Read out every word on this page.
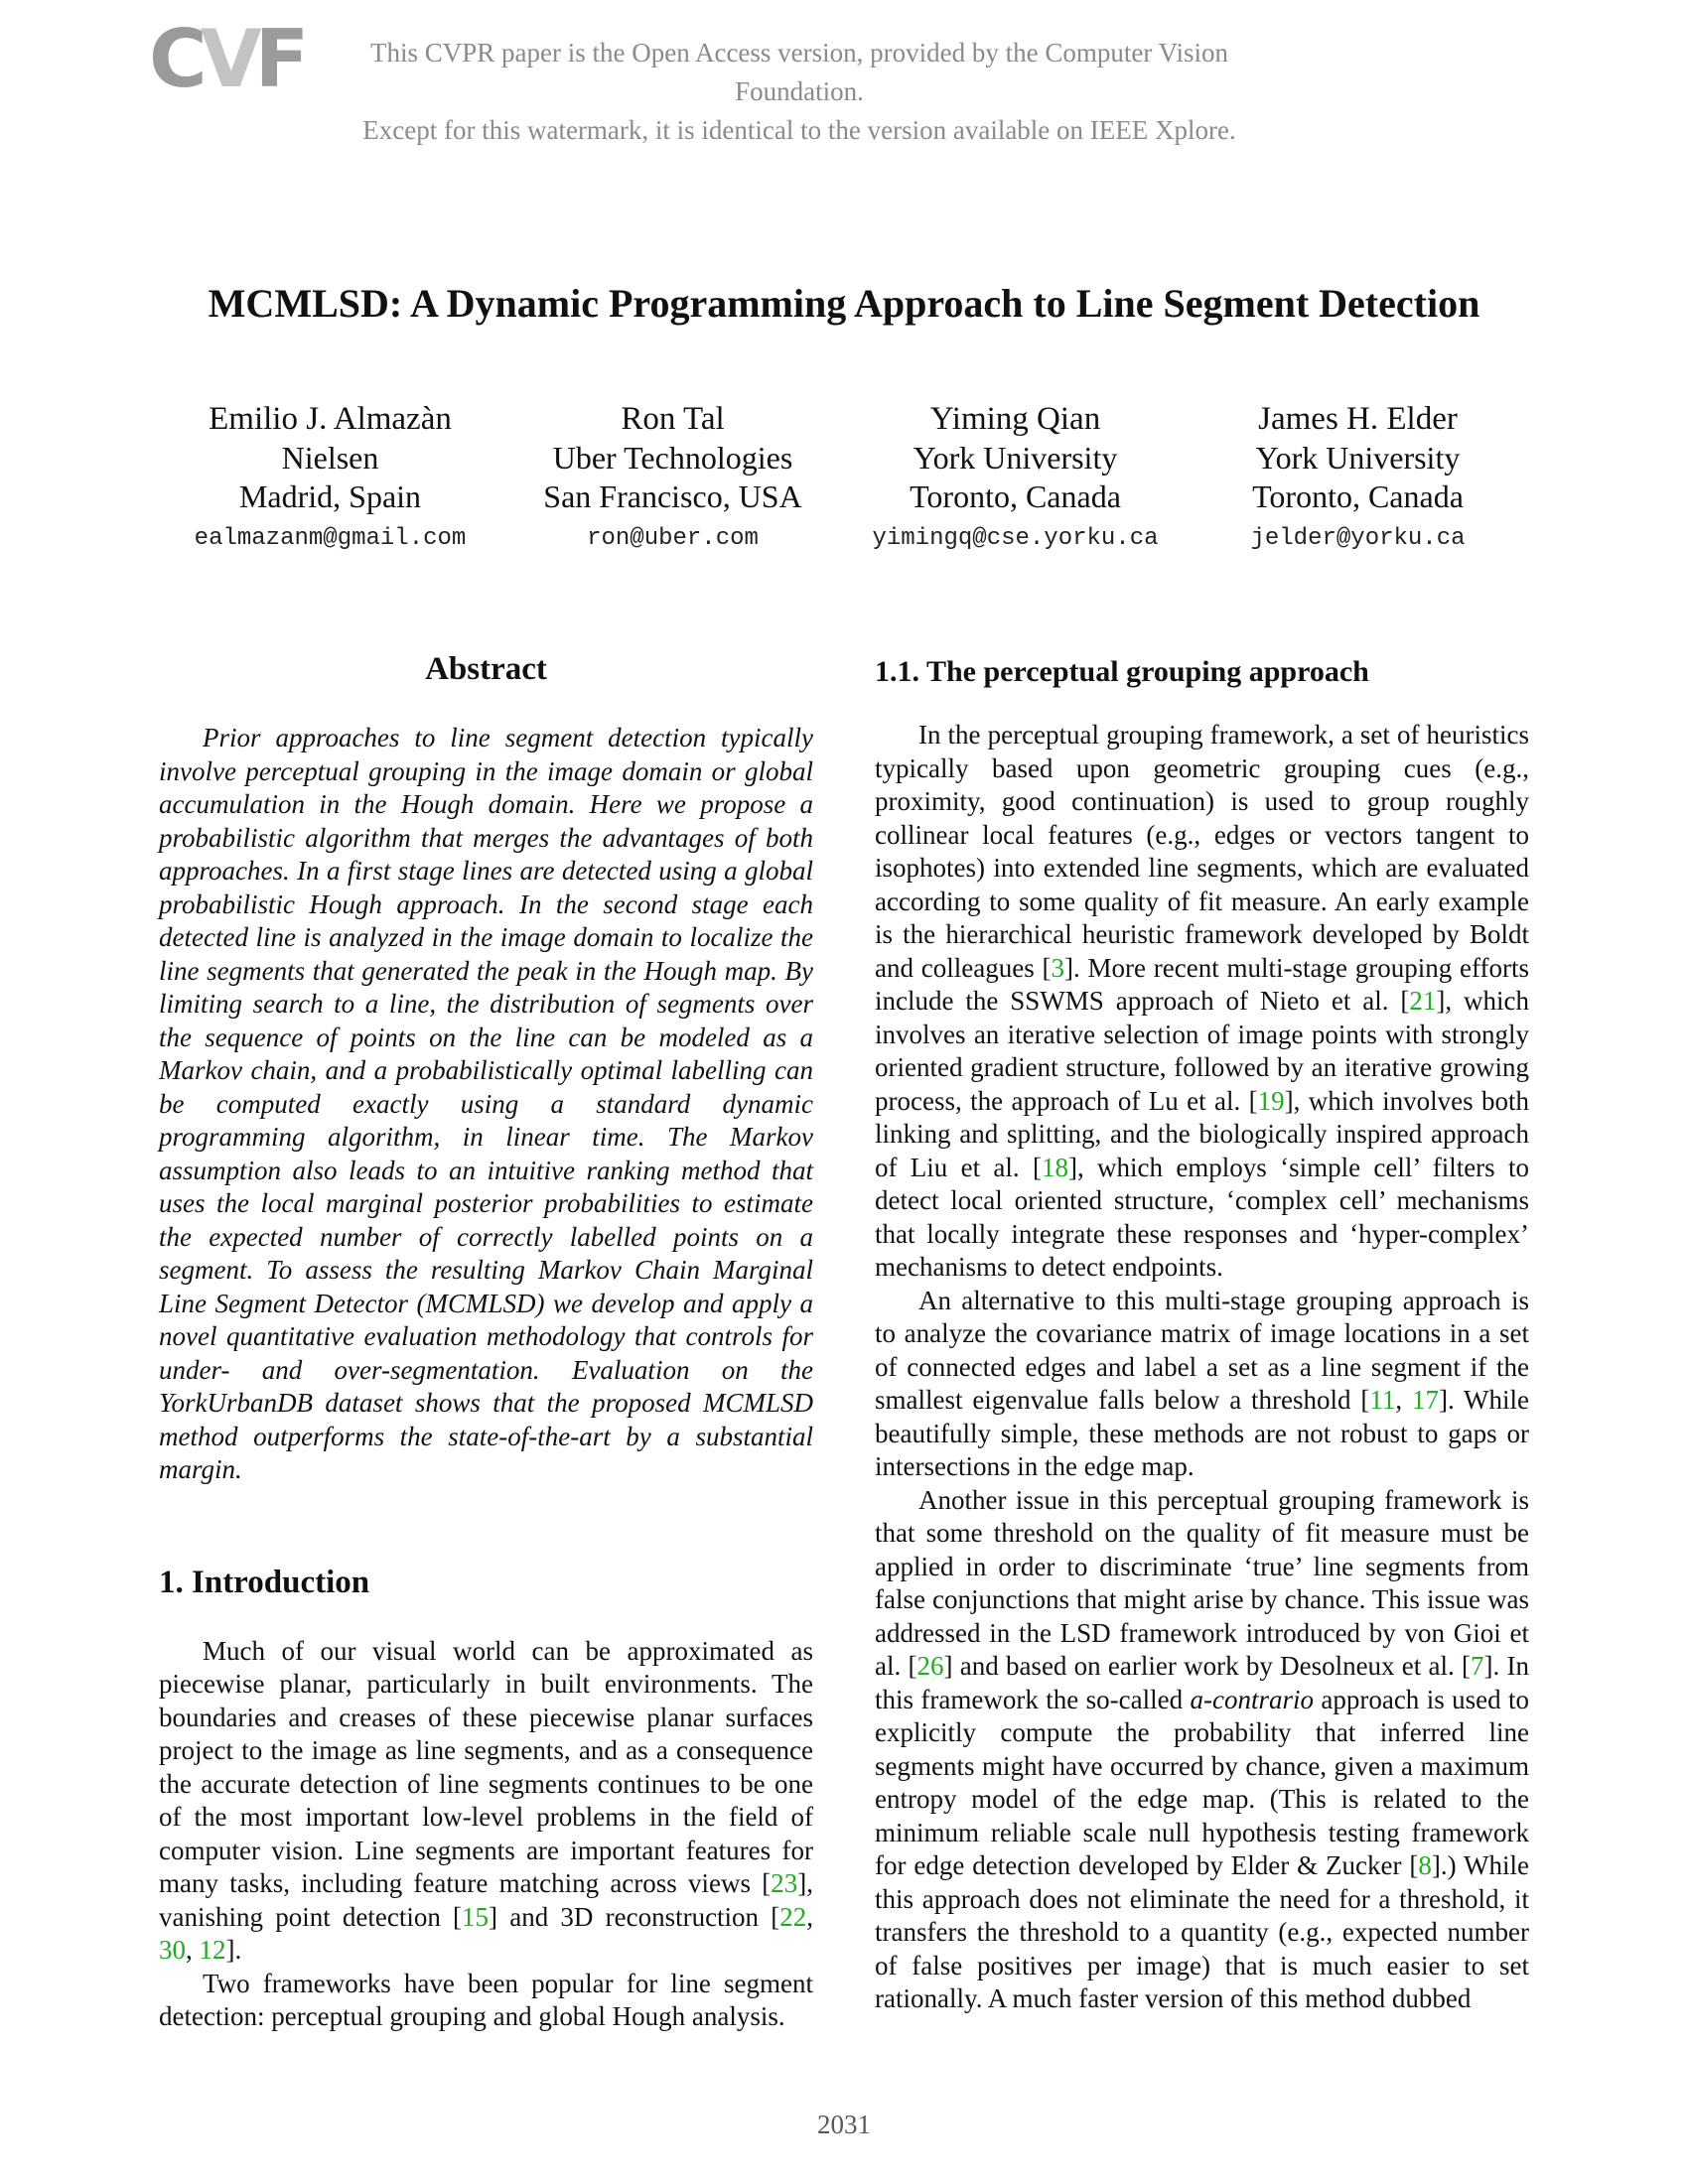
CVF	This CVPR paper is the Open Access version, provided by the Computer Vision Foundation.
Except for this watermark, it is identical to the version available on IEEE Xplore.
MCMLSD: A Dynamic Programming Approach to Line Segment Detection
Emilio J. Almazàn
Nielsen
Madrid, Spain
ealmazanm@gmail.com
Ron Tal
Uber Technologies
San Francisco, USA
ron@uber.com
Yiming Qian
York University
Toronto, Canada
yimingq@cse.yorku.ca
James H. Elder
York University
Toronto, Canada
jelder@yorku.ca
Abstract

Prior approaches to line segment detection typically involve perceptual grouping in the image domain or global accumulation in the Hough domain. Here we propose a probabilistic algorithm that merges the advantages of both approaches. In a first stage lines are detected using a global probabilistic Hough approach. In the second stage each detected line is analyzed in the image domain to localize the line segments that generated the peak in the Hough map. By limiting search to a line, the distribution of segments over the sequence of points on the line can be modeled as a Markov chain, and a probabilistically optimal labelling can be computed exactly using a standard dynamic programming algorithm, in linear time. The Markov assumption also leads to an intuitive ranking method that uses the local marginal posterior probabilities to estimate the expected number of correctly labelled points on a segment. To assess the resulting Markov Chain Marginal Line Segment Detector (MCMLSD) we develop and apply a novel quantitative evaluation methodology that controls for under- and over-segmentation. Evaluation on the YorkUrbanDB dataset shows that the proposed MCMLSD method outperforms the state-of-the-art by a substantial margin.

1. Introduction

Much of our visual world can be approximated as piecewise planar, particularly in built environments. The boundaries and creases of these piecewise planar surfaces project to the image as line segments, and as a consequence the accurate detection of line segments continues to be one of the most important low-level problems in the field of computer vision. Line segments are important features for many tasks, including feature matching across views [23], vanishing point detection [15] and 3D reconstruction [22, 30, 12].

Two frameworks have been popular for line segment detection: perceptual grouping and global Hough analysis.

1.1. The perceptual grouping approach

In the perceptual grouping framework, a set of heuristics typically based upon geometric grouping cues (e.g., proximity, good continuation) is used to group roughly collinear local features (e.g., edges or vectors tangent to isophotes) into extended line segments, which are evaluated according to some quality of fit measure. An early example is the hierarchical heuristic framework developed by Boldt and colleagues [3]. More recent multi-stage grouping efforts include the SSWMS approach of Nieto et al. [21], which involves an iterative selection of image points with strongly oriented gradient structure, followed by an iterative growing process, the approach of Lu et al. [19], which involves both linking and splitting, and the biologically inspired approach of Liu et al. [18], which employs ‘simple cell’ filters to detect local oriented structure, ‘complex cell’ mechanisms that locally integrate these responses and ‘hyper-complex’ mechanisms to detect endpoints.

An alternative to this multi-stage grouping approach is to analyze the covariance matrix of image locations in a set of connected edges and label a set as a line segment if the smallest eigenvalue falls below a threshold [11, 17]. While beautifully simple, these methods are not robust to gaps or intersections in the edge map.

Another issue in this perceptual grouping framework is that some threshold on the quality of fit measure must be applied in order to discriminate ‘true’ line segments from false conjunctions that might arise by chance. This issue was addressed in the LSD framework introduced by von Gioi et al. [26] and based on earlier work by Desolneux et al. [7]. In this framework the so-called a-contrario approach is used to explicitly compute the probability that inferred line segments might have occurred by chance, given a maximum entropy model of the edge map. (This is related to the minimum reliable scale null hypothesis testing framework for edge detection developed by Elder & Zucker [8].) While this approach does not eliminate the need for a threshold, it transfers the threshold to a quantity (e.g., expected number of false positives per image) that is much easier to set rationally. A much faster version of this method dubbed

2031
